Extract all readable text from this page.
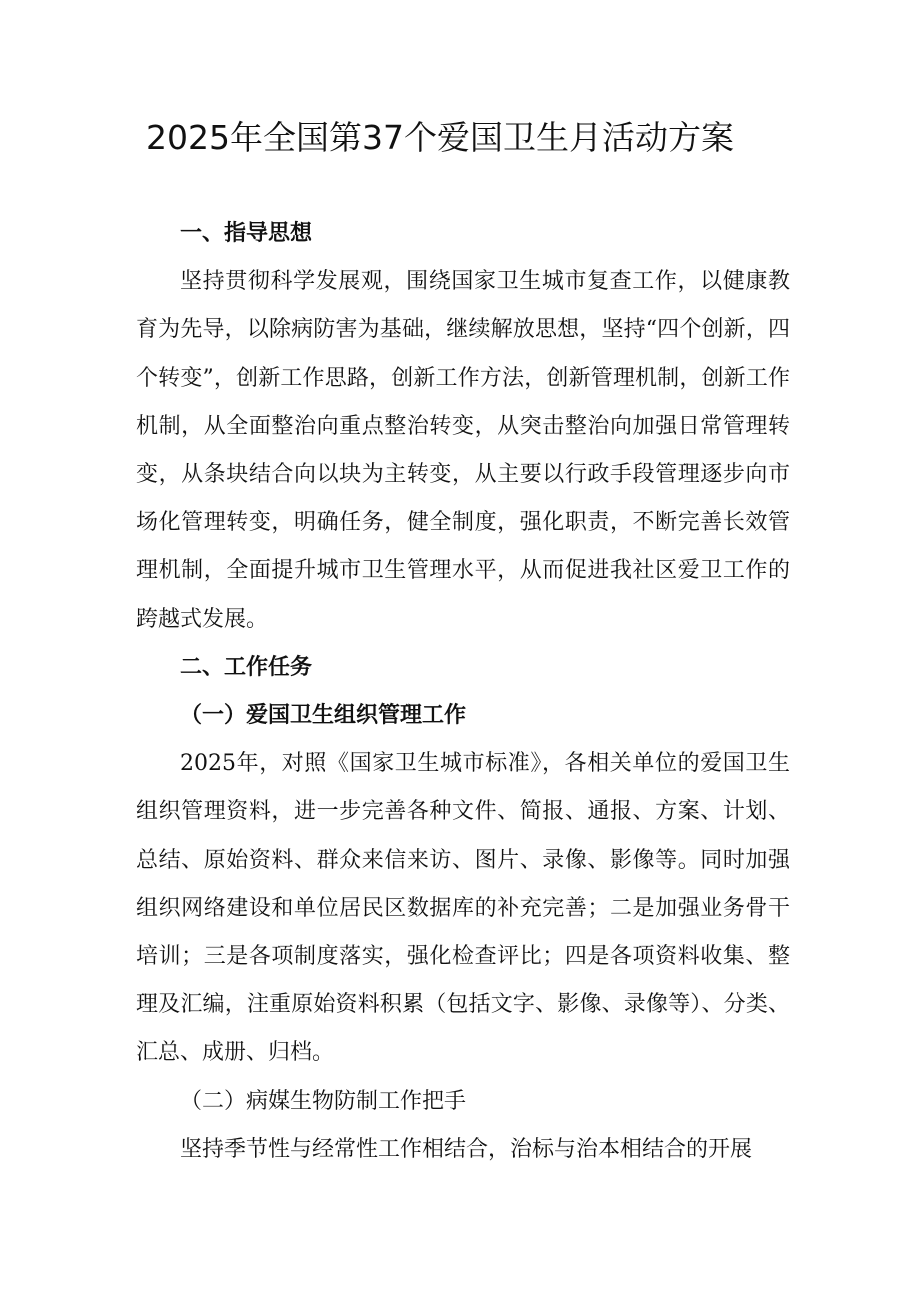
2025年全国第37个爱国卫生月活动方案
一、指导思想

坚持贯彻科学发展观，围绕国家卫生城市复查工作，以健康教育为先导，以除病防害为基础，继续解放思想，坚持“四个创新，四个转变”，创新工作思路，创新工作方法，创新管理机制，创新工作机制，从全面整治向重点整治转变，从突击整治向加强日常管理转变，从条块结合向以块为主转变，从主要以行政手段管理逐步向市场化管理转变，明确任务，健全制度，强化职责，不断完善长效管理机制，全面提升城市卫生管理水平，从而促进我社区爱卫工作的跨越式发展。

二、工作任务
（一）爱国卫生组织管理工作

2025年，对照《国家卫生城市标准》，各相关单位的爱国卫生组织管理资料，进一步完善各种文件、简报、通报、方案、计划、总结、原始资料、群众来信来访、图片、录像、影像等。同时加强组织网络建设和单位居民区数据库的补充完善；二是加强业务骨干培训；三是各项制度落实，强化检查评比；四是各项资料收集、整理及汇编，注重原始资料积累（包括文字、影像、录像等）、分类、汇总、成册、归档。

（二）病媒生物防制工作把手

坚持季节性与经常性工作相结合，治标与治本相结合的开展
